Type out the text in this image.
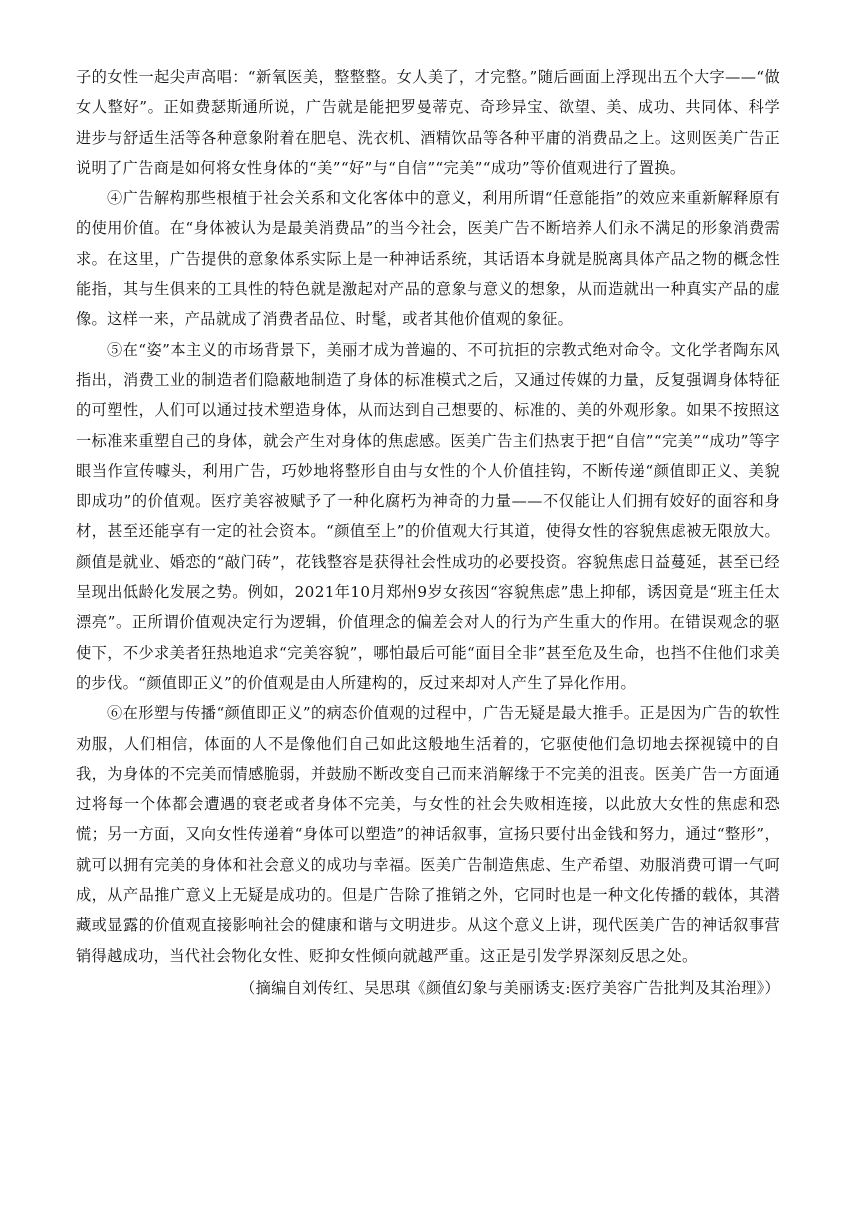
子的女性一起尖声高唱：“新氧医美，整整整。女人美了，才完整。”随后画面上浮现出五个大字——“做女人整好”。正如费瑟斯通所说，广告就是能把罗曼蒂克、奇珍异宝、欲望、美、成功、共同体、科学进步与舒适生活等各种意象附着在肥皂、洗衣机、酒精饮品等各种平庸的消费品之上。这则医美广告正说明了广告商是如何将女性身体的“美”“好”与“自信”“完美”“成功”等价值观进行了置换。

④广告解构那些根植于社会关系和文化客体中的意义，利用所谓“任意能指”的效应来重新解释原有的使用价值。在“身体被认为是最美消费品”的当今社会，医美广告不断培养人们永不满足的形象消费需求。在这里，广告提供的意象体系实际上是一种神话系统，其话语本身就是脱离具体产品之物的概念性能指，其与生俱来的工具性的特色就是激起对产品的意象与意义的想象，从而造就出一种真实产品的虚像。这样一来，产品就成了消费者品位、时髦，或者其他价值观的象征。

⑤在“姿”本主义的市场背景下，美丽才成为普遍的、不可抗拒的宗教式绝对命令。文化学者陶东风指出，消费工业的制造者们隐蔽地制造了身体的标准模式之后，又通过传媒的力量，反复强调身体特征的可塑性，人们可以通过技术塑造身体，从而达到自己想要的、标准的、美的外观形象。如果不按照这一标准来重塑自己的身体，就会产生对身体的焦虑感。医美广告主们热衷于把“自信”“完美”“成功”等字眼当作宣传噱头，利用广告，巧妙地将整形自由与女性的个人价值挂钩，不断传递“颜值即正义、美貌即成功”的价值观。医疗美容被赋予了一种化腐朽为神奇的力量——不仅能让人们拥有姣好的面容和身材，甚至还能享有一定的社会资本。“颜值至上”的价值观大行其道，使得女性的容貌焦虑被无限放大。颜值是就业、婚恋的“敲门砖”，花钱整容是获得社会性成功的必要投资。容貌焦虑日益蔓延，甚至已经呈现出低龄化发展之势。例如，2021年10月郑州9岁女孩因“容貌焦虑”患上抑郁，诱因竟是“班主任太漂亮”。正所谓价值观决定行为逻辑，价值理念的偏差会对人的行为产生重大的作用。在错误观念的驱使下，不少求美者狂热地追求“完美容貌”，哪怕最后可能“面目全非”甚至危及生命，也挡不住他们求美的步伐。“颜值即正义”的价值观是由人所建构的，反过来却对人产生了异化作用。

⑥在形塑与传播“颜值即正义”的病态价值观的过程中，广告无疑是最大推手。正是因为广告的软性劝服，人们相信，体面的人不是像他们自己如此这般地生活着的，它驱使他们急切地去探视镜中的自我，为身体的不完美而情感脆弱，并鼓励不断改变自己而来消解缘于不完美的沮丧。医美广告一方面通过将每一个体都会遭遇的衰老或者身体不完美，与女性的社会失败相连接，以此放大女性的焦虑和恐慌；另一方面，又向女性传递着“身体可以塑造”的神话叙事，宣扬只要付出金钱和努力，通过“整形”，就可以拥有完美的身体和社会意义的成功与幸福。医美广告制造焦虑、生产希望、劝服消费可谓一气呵成，从产品推广意义上无疑是成功的。但是广告除了推销之外，它同时也是一种文化传播的载体，其潜藏或显露的价值观直接影响社会的健康和谐与文明进步。从这个意义上讲，现代医美广告的神话叙事营销得越成功，当代社会物化女性、贬抑女性倾向就越严重。这正是引发学界深刻反思之处。

（摘编自刘传红、吴思琪《颜值幻象与美丽诱支:医疗美容广告批判及其治理》）
